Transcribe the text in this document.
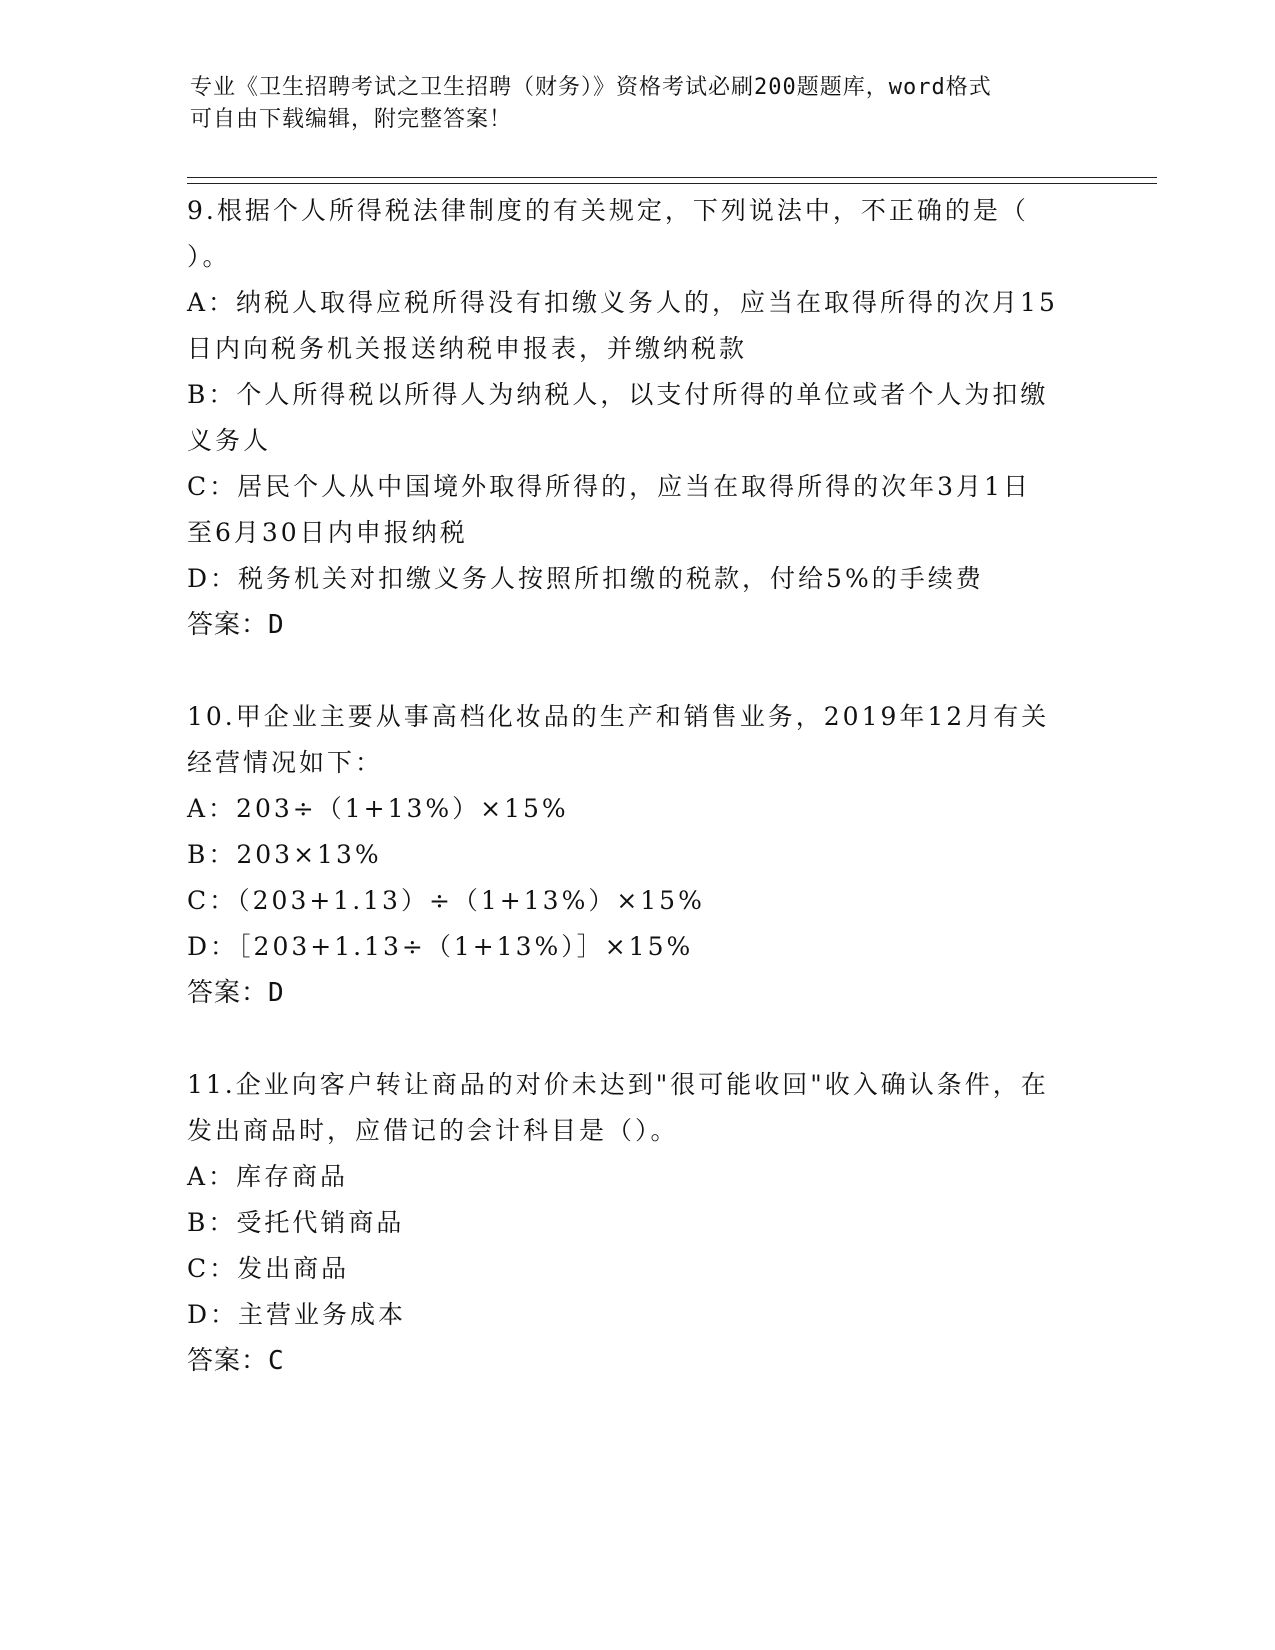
专业《卫生招聘考试之卫生招聘（财务）》资格考试必刷200题题库，word格式
可自由下载编辑，附完整答案！
9.根据个人所得税法律制度的有关规定，下列说法中，不正确的是（
）。
A：纳税人取得应税所得没有扣缴义务人的，应当在取得所得的次月15
日内向税务机关报送纳税申报表，并缴纳税款
B：个人所得税以所得人为纳税人，以支付所得的单位或者个人为扣缴
义务人
C：居民个人从中国境外取得所得的，应当在取得所得的次年3月1日
至6月30日内申报纳税
D：税务机关对扣缴义务人按照所扣缴的税款，付给5%的手续费
答案：D
10.甲企业主要从事高档化妆品的生产和销售业务，2019年12月有关
经营情况如下：
A：203÷（1+13%）×15%
B：203×13%
C：（203+1.13）÷（1+13%）×15%
D：［203+1.13÷（1+13%）］×15%
答案：D
11.企业向客户转让商品的对价未达到"很可能收回"收入确认条件，在
发出商品时，应借记的会计科目是（）。
A：库存商品
B：受托代销商品
C：发出商品
D：主营业务成本
答案：C
